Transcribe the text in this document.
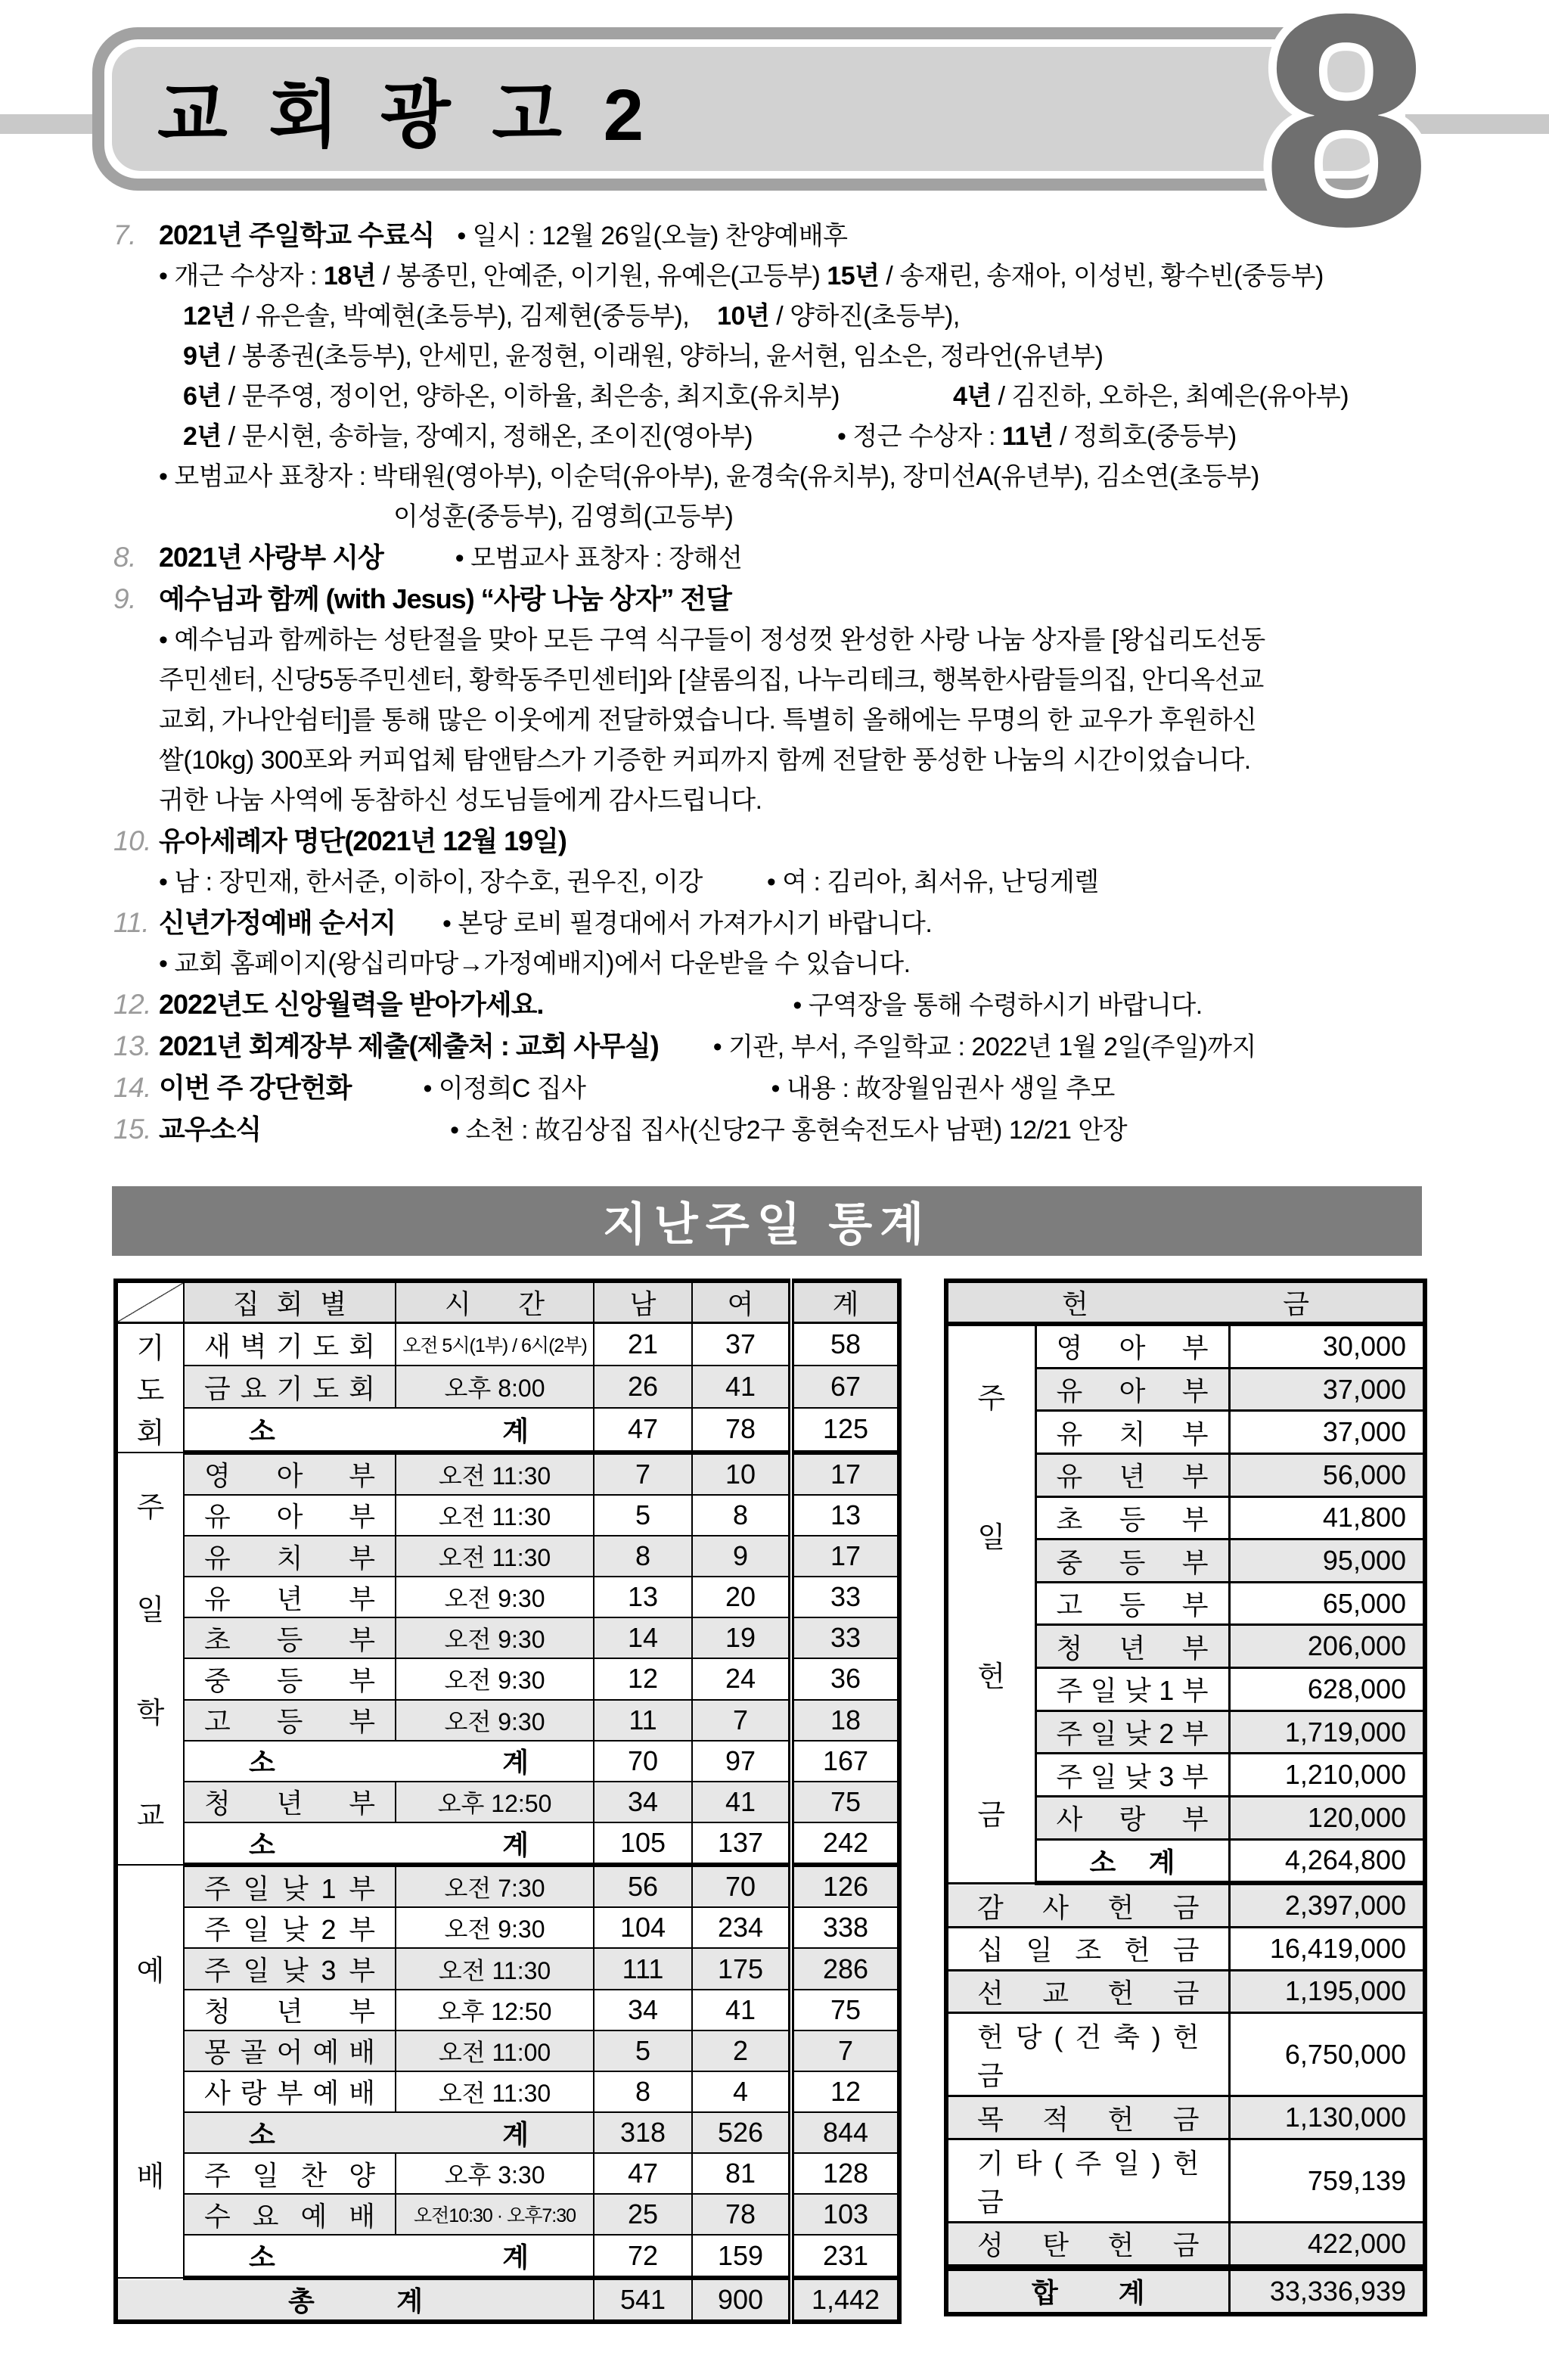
교 회 광 고 2 8
7. 2021년 주일학교 수료식 • 일시 : 12월 26일(오늘) 찬양예배후
• 개근 수상자 : 18년 / 봉종민, 안예준, 이기원, 유예은(고등부) 15년 / 송재린, 송재아, 이성빈, 황수빈(중등부)
12년 / 유은솔, 박예현(초등부), 김제현(중등부), 10년 / 양하진(초등부),
9년 / 봉종권(초등부), 안세민, 윤정현, 이래원, 양하늬, 윤서현, 임소은, 정라언(유년부)
6년 / 문주영, 정이언, 양하온, 이하율, 최은송, 최지호(유치부)	4년 / 김진하, 오하은, 최예은(유아부)
2년 / 문시현, 송하늘, 장예지, 정해온, 조이진(영아부)	• 정근 수상자 : 11년 / 정희호(중등부)
• 모범교사 표창자 : 박태원(영아부), 이순덕(유아부), 윤경숙(유치부), 장미선A(유년부), 김소연(초등부)
이성훈(중등부), 김영희(고등부)
8. 2021년 사랑부 시상	• 모범교사 표창자 : 장해선
9. 예수님과 함께 (with Jesus) “사랑 나눔 상자” 전달
• 예수님과 함께하는 성탄절을 맞아 모든 구역 식구들이 정성껏 완성한 사랑 나눔 상자를 [왕십리도선동
주민센터, 신당5동주민센터, 황학동주민센터]와 [샬롬의집, 나누리테크, 행복한사람들의집, 안디옥선교
교회, 가나안쉼터]를 통해 많은 이웃에게 전달하였습니다. 특별히 올해에는 무명의 한 교우가 후원하신
쌀(10kg) 300포와 커피업체 탐앤탐스가 기증한 커피까지 함께 전달한 풍성한 나눔의 시간이었습니다.
귀한 나눔 사역에 동참하신 성도님들에게 감사드립니다.
10. 유아세례자 명단(2021년 12월 19일)
• 남 : 장민재, 한서준, 이하이, 장수호, 권우진, 이강	• 여 : 김리아, 최서유, 난딩게렐
11. 신년가정예배 순서지 • 본당 로비 필경대에서 가져가시기 바랍니다.
• 교회 홈페이지(왕십리마당→가정예배지)에서 다운받을 수 있습니다.
12. 2022년도 신앙월력을 받아가세요.	• 구역장을 통해 수령하시기 바랍니다.
13. 2021년 회계장부 제출(제출처 : 교회 사무실) • 기관, 부서, 주일학교 : 2022년 1월 2일(주일)까지
14. 이번 주 강단헌화	• 이정희C 집사	• 내용 : 故장월임권사 생일 추모
15. 교우소식	• 소천 : 故김상집 집사(신당2구 홍현숙전도사 남편) 12/21 안장
지난주일 통계
	집 회 별	시 간	남	여	계

기
도
회	새 벽 기 도 회	오전 5시(1부) / 6시(2부)	21	37	58
	금 요 기 도 회	오후 8:00	26	41	67
	소 계		47	78	125

주
일
학
교	영 아 부	오전 11:30	7	10	17
	유 아 부	오전 11:30	5	8	13
	유 치 부	오전 11:30	8	9	17
	유 년 부	오전 9:30	13	20	33
	초 등 부	오전 9:30	14	19	33
	중 등 부	오전 9:30	12	24	36
	고 등 부	오전 9:30	11	7	18
	소 계		70	97	167
	청 년 부	오후 12:50	34	41	75
	소 계		105	137	242

예
배	주 일 낮 1 부	오전 7:30	56	70	126
	주 일 낮 2 부	오전 9:30	104	234	338
	주 일 낮 3 부	오전 11:30	111	175	286
	청 년 부	오후 12:50	34	41	75
	몽 골 어 예 배	오전 11:00	5	2	7
	사 랑 부 예 배	오전 11:30	8	4	12
	소 계		318	526	844
	주 일 찬 양	오후 3:30	47	81	128
	수 요 예 배	오전10:30 · 오후7:30	25	78	103
	소 계		72	159	231
총 계			541	900	1,442
헌 금		

주
일
헌
금	영 아 부	30,000
	유 아 부	37,000
	유 치 부	37,000
	유 년 부	56,000
	초 등 부	41,800
	중 등 부	95,000
	고 등 부	65,000
	청 년 부	206,000
	주 일 낮 1 부	628,000
	주 일 낮 2 부	1,719,000
	주 일 낮 3 부	1,210,000
	사 랑 부	120,000
	소 계	4,264,800
감 사 헌 금		2,397,000
십 일 조 헌 금		16,419,000
선 교 헌 금		1,195,000
헌 당 ( 건 축 ) 헌 금		6,750,000
목 적 헌 금		1,130,000
기 타 ( 주 일 ) 헌 금		759,139
성 탄 헌 금		422,000

합 계		33,336,939
